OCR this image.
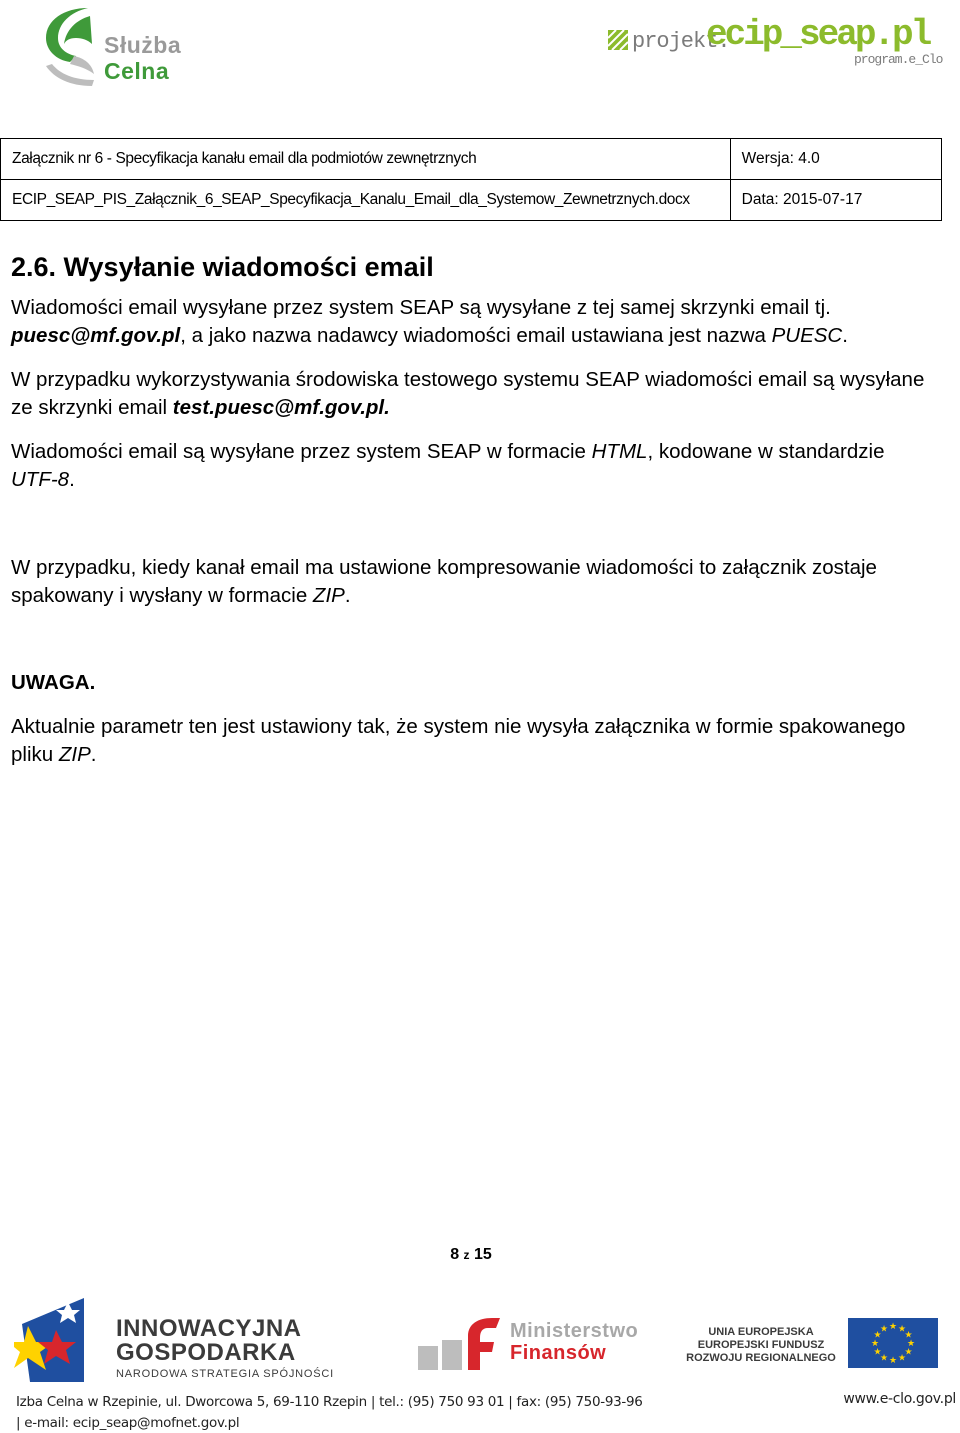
Służba
Celna
projekt.
ecip_seap.pl
program.e_Clo
Załącznik nr 6 - Specyfikacja kanału email dla podmiotów zewnętrznych	Wersja: 4.0
ECIP_SEAP_PIS_Załącznik_6_SEAP_Specyfikacja_Kanalu_Email_dla_Systemow_Zewnetrznych.docx	Data: 2015-07-17
2.6. Wysyłanie wiadomości email

Wiadomości email wysyłane przez system SEAP są wysyłane z tej samej skrzynki email tj. puesc@mf.gov.pl, a jako nazwa nadawcy wiadomości email ustawiana jest nazwa PUESC.

W przypadku wykorzystywania środowiska testowego systemu SEAP wiadomości email są wysyłane ze skrzynki email test.puesc@mf.gov.pl.

Wiadomości email są wysyłane przez system SEAP w formacie HTML, kodowane w standardzie UTF-8.

W przypadku, kiedy kanał email ma ustawione kompresowanie wiadomości to załącznik zostaje spakowany i wysłany w formacie ZIP.

UWAGA.

Aktualnie parametr ten jest ustawiony tak, że system nie wysyła załącznika w formie spakowanego pliku ZIP.

8 z 15
INNOWACYJNA
GOSPODARKA
NARODOWA STRATEGIA SPÓJNOŚCI
Ministerstwo
Finansów
UNIA EUROPEJSKA
EUROPEJSKI FUNDUSZ
ROZWOJU REGIONALNEGO
★ ★
★
★
★
★
★
★
★
★
★
★
Izba Celna w Rzepinie, ul. Dworcowa 5, 69-110 Rzepin | tel.: (95) 750 93 01 | fax: (95) 750-93-96
| e-mail: ecip_seap@mofnet.gov.pl
www.e-clo.gov.pl
